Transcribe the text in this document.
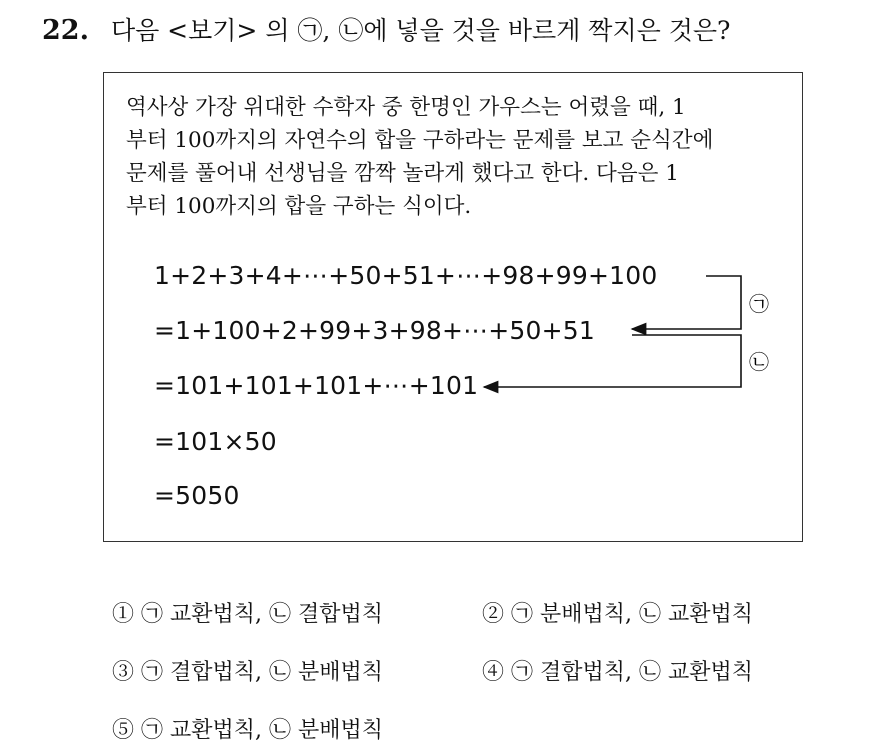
22. 다음 <보기> 의 ㉠, ㉡에 넣을 것을 바르게 짝지은 것은?

역사상 가장 위대한 수학자 중 한명인 가우스는 어렸을 때, 1

부터 100까지의 자연수의 합을 구하라는 문제를 보고 순식간에

문제를 풀어내 선생님을 깜짝 놀라게 했다고 한다. 다음은 1

부터 100까지의 합을 구하는 식이다.

1+2+3+4+⋯+50+51+⋯+98+99+100
=1+100+2+99+3+98+⋯+50+51
=101+101+101+⋯+101
=101×50
=5050
㉠
㉡
① ㉠ 교환법칙, ㉡ 결합법칙	② ㉠ 분배법칙, ㉡ 교환법칙
③ ㉠ 결합법칙, ㉡ 분배법칙	④ ㉠ 결합법칙, ㉡ 교환법칙
⑤ ㉠ 교환법칙, ㉡ 분배법칙
